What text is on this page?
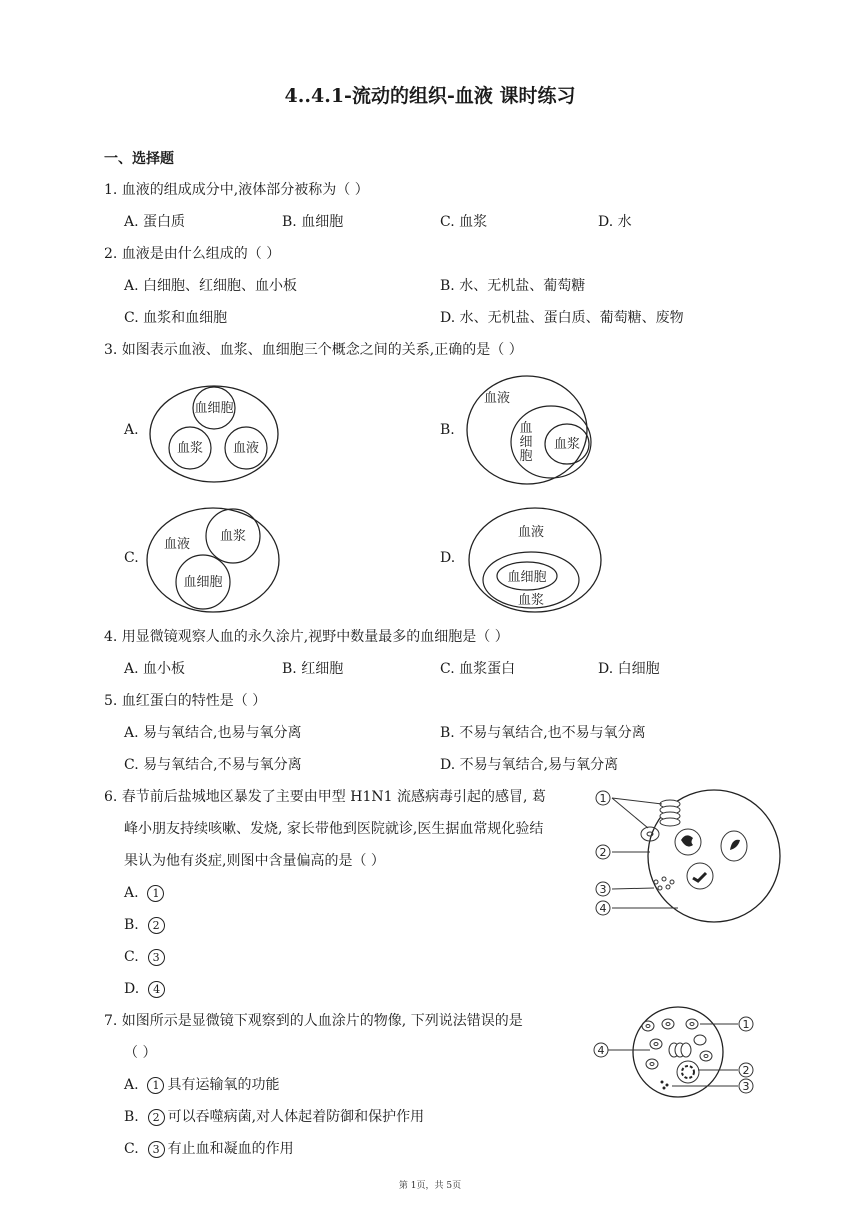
4..4.1-流动的组织-血液 课时练习
一、选择题
1. 血液的组成成分中,液体部分被称为（ ）
A. 蛋白质	B. 血细胞	C. 血浆	D. 水
2. 血液是由什么组成的（ ）
A. 白细胞、红细胞、血小板	B. 水、无机盐、葡萄糖
C. 血浆和血细胞	D. 水、无机盐、蛋白质、葡萄糖、废物
3. 如图表示血液、血浆、血细胞三个概念之间的关系,正确的是（ ）
A.	B.
C.	D.
血细胞
血浆 血液
血液
血
细
胞
血浆
血液
血浆
血细胞
血液
血细胞
血浆
4. 用显微镜观察人血的永久涂片,视野中数量最多的血细胞是（ ）
A. 血小板	B. 红细胞	C. 血浆蛋白	D. 白细胞
5. 血红蛋白的特性是（ ）
A. 易与氧结合,也易与氧分离	B. 不易与氧结合,也不易与氧分离
C. 易与氧结合,不易与氧分离	D. 不易与氧结合,易与氧分离
6. 春节前后盐城地区暴发了主要由甲型 H1N1 流感病毒引起的感冒, 葛
峰小朋友持续咳嗽、发烧, 家长带他到医院就诊,医生据血常规化验结
果认为他有炎症,则图中含量偏高的是（ ）
A. 1
B. 2
C. 3
D. 4
1
2
3
4
7. 如图所示是显微镜下观察到的人血涂片的物像, 下列说法错误的是
（ ）
A. 1 具有运输氧的功能
B. 2 可以吞噬病菌,对人体起着防御和保护作用
C. 3 有止血和凝血的作用
1
4
2
3
第 1页，共 5页
